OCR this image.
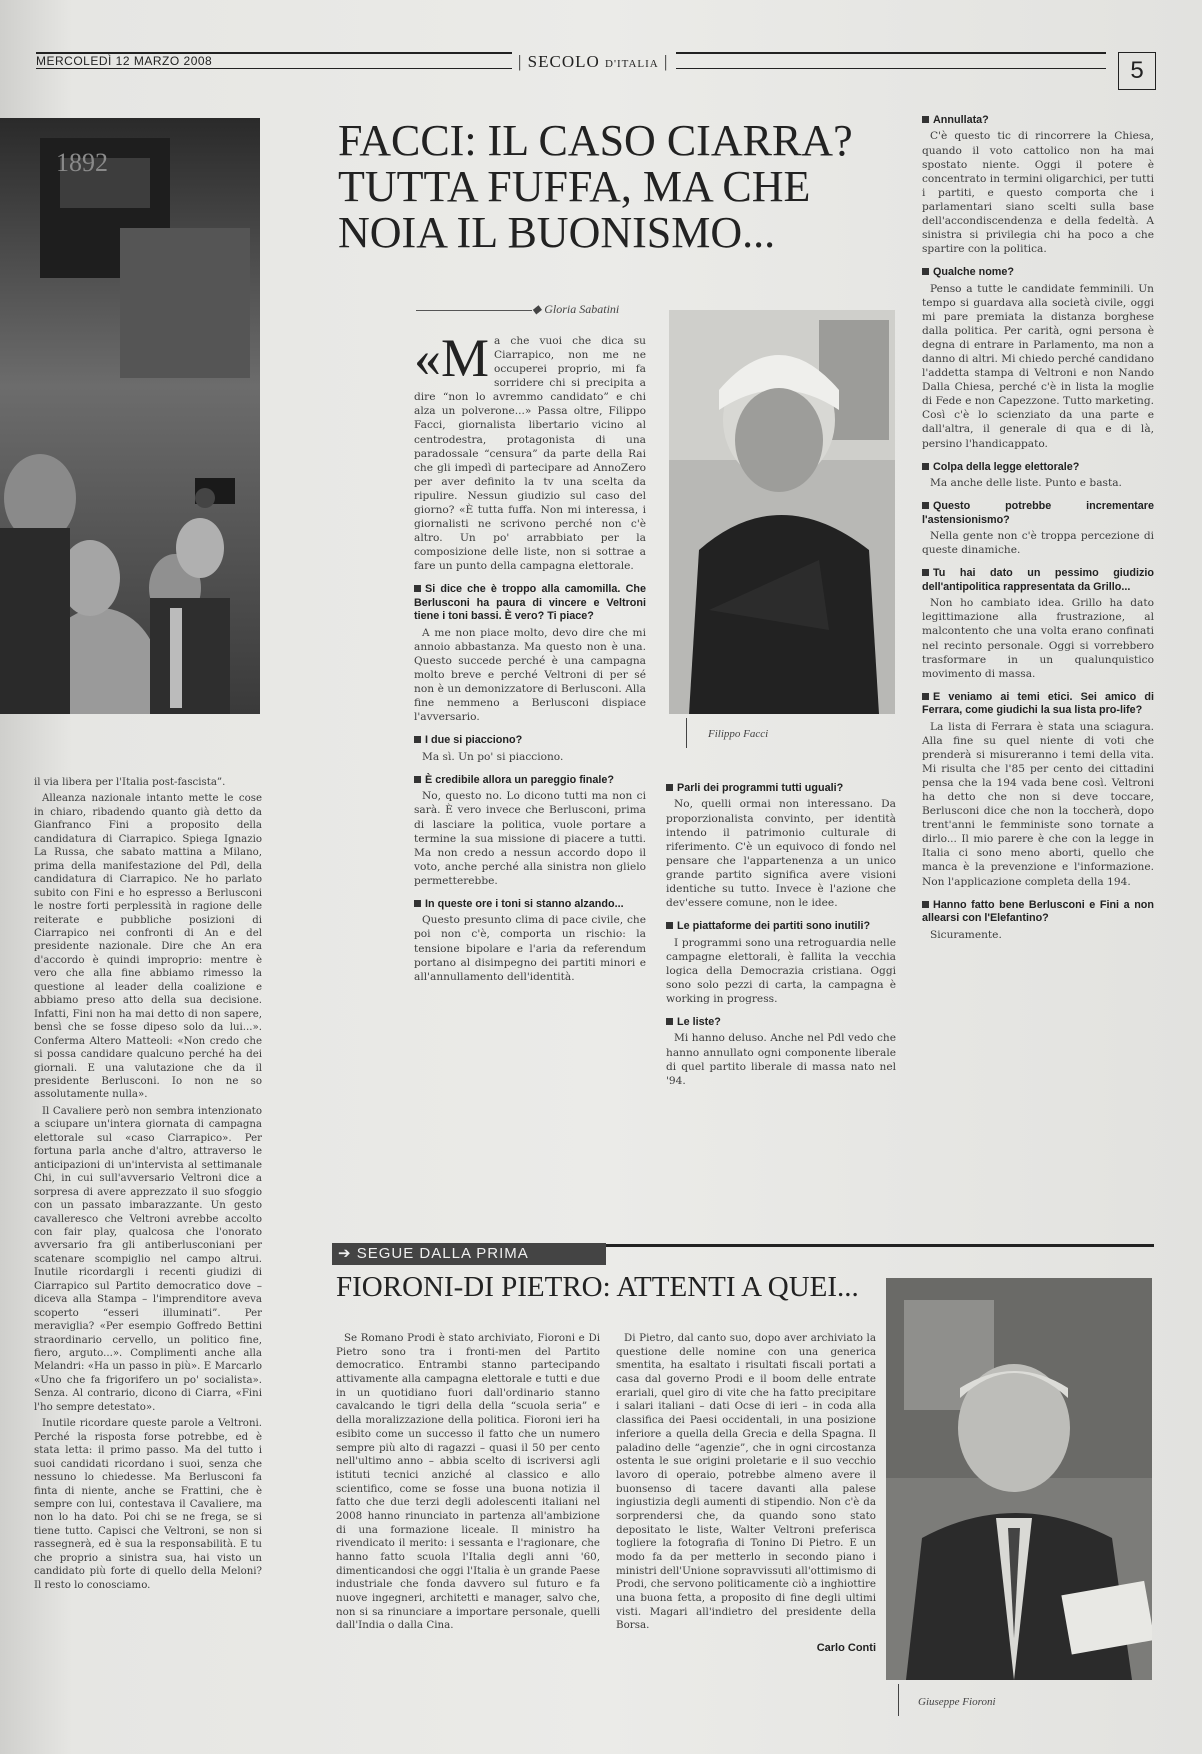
MERCOLEDÌ 12 MARZO 2008	| SECOLO D'ITALIA |	5
1892	FACCI: IL CASO CIARRA?
TUTTA FUFFA, MA CHE
NOIA IL BUONISMO...
◆ Gloria Sabatini

«Ma che vuoi che dica su Ciarrapico, non me ne occuperei proprio, mi fa sorridere chi si precipita a dire “non lo avremmo candidato” e chi alza un polverone...» Passa oltre, Filippo Facci, giornalista libertario vicino al centrodestra, protagonista di una paradossale “censura” da parte della Rai che gli impedì di partecipare ad AnnoZero per aver definito la tv una scelta da ripulire. Nessun giudizio sul caso del giorno? «È tutta fuffa. Non mi interessa, i giornalisti ne scrivono perché non c'è altro. Un po' arrabbiato per la composizione delle liste, non si sottrae a fare un punto della campagna elettorale.

Si dice che è troppo alla camomilla. Che Berlusconi ha paura di vincere e Veltroni tiene i toni bassi. È vero? Ti piace?

A me non piace molto, devo dire che mi annoio abbastanza. Ma questo non è una. Questo succede perché è una campagna molto breve e perché Veltroni di per sé non è un demonizzatore di Berlusconi. Alla fine nemmeno a Berlusconi dispiace l'avversario.

I due si piacciono?

Ma sì. Un po' si piacciono.

È credibile allora un pareggio finale?

No, questo no. Lo dicono tutti ma non ci sarà. È vero invece che Berlusconi, prima di lasciare la politica, vuole portare a termine la sua missione di piacere a tutti. Ma non credo a nessun accordo dopo il voto, anche perché alla sinistra non glielo permetterebbe.

In queste ore i toni si stanno alzando...

Questo presunto clima di pace civile, che poi non c'è, comporta un rischio: la tensione bipolare e l'aria da referendum portano al disimpegno dei partiti minori e all'annullamento dell'identità.

Filippo Facci
Parli dei programmi tutti uguali?

No, quelli ormai non interessano. Da proporzionalista convinto, per identità intendo il patrimonio culturale di riferimento. C'è un equivoco di fondo nel pensare che l'appartenenza a un unico grande partito significa avere visioni identiche su tutto. Invece è l'azione che dev'essere comune, non le idee.

Le piattaforme dei partiti sono inutili?

I programmi sono una retroguardia nelle campagne elettorali, è fallita la vecchia logica della Democrazia cristiana. Oggi sono solo pezzi di carta, la campagna è working in progress.

Le liste?

Mi hanno deluso. Anche nel Pdl vedo che hanno annullato ogni componente liberale di quel partito liberale di massa nato nel '94.

Annullata?

C'è questo tic di rincorrere la Chiesa, quando il voto cattolico non ha mai spostato niente. Oggi il potere è concentrato in termini oligarchici, per tutti i partiti, e questo comporta che i parlamentari siano scelti sulla base dell'accondiscendenza e della fedeltà. A sinistra si privilegia chi ha poco a che spartire con la politica.

Qualche nome?

Penso a tutte le candidate femminili. Un tempo si guardava alla società civile, oggi mi pare premiata la distanza borghese dalla politica. Per carità, ogni persona è degna di entrare in Parlamento, ma non a danno di altri. Mi chiedo perché candidano l'addetta stampa di Veltroni e non Nando Dalla Chiesa, perché c'è in lista la moglie di Fede e non Capezzone. Tutto marketing. Così c'è lo scienziato da una parte e dall'altra, il generale di qua e di là, persino l'handicappato.

Colpa della legge elettorale?

Ma anche delle liste. Punto e basta.

Questo potrebbe incrementare l'astensionismo?

Nella gente non c'è troppa percezione di queste dinamiche.

Tu hai dato un pessimo giudizio dell'antipolitica rappresentata da Grillo...

Non ho cambiato idea. Grillo ha dato legittimazione alla frustrazione, al malcontento che una volta erano confinati nel recinto personale. Oggi si vorrebbero trasformare in un qualunquistico movimento di massa.

E veniamo ai temi etici. Sei amico di Ferrara, come giudichi la sua lista pro-life?

La lista di Ferrara è stata una sciagura. Alla fine su quel niente di voti che prenderà si misureranno i temi della vita. Mi risulta che l'85 per cento dei cittadini pensa che la 194 vada bene così. Veltroni ha detto che non si deve toccare, Berlusconi dice che non la toccherà, dopo trent'anni le femministe sono tornate a dirlo... Il mio parere è che con la legge in Italia ci sono meno aborti, quello che manca è la prevenzione e l'informazione. Non l'applicazione completa della 194.

Hanno fatto bene Berlusconi e Fini a non allearsi con l'Elefantino?

Sicuramente.

il via libera per l'Italia post-fascista”.

Alleanza nazionale intanto mette le cose in chiaro, ribadendo quanto già detto da Gianfranco Fini a proposito della candidatura di Ciarrapico. Spiega Ignazio La Russa, che sabato mattina a Milano, prima della manifestazione del Pdl, della candidatura di Ciarrapico. Ne ho parlato subito con Fini e ho espresso a Berlusconi le nostre forti perplessità in ragione delle reiterate e pubbliche posizioni di Ciarrapico nei confronti di An e del presidente nazionale. Dire che An era d'accordo è quindi improprio: mentre è vero che alla fine abbiamo rimesso la questione al leader della coalizione e abbiamo preso atto della sua decisione. Infatti, Fini non ha mai detto di non sapere, bensì che se fosse dipeso solo da lui...». Conferma Altero Matteoli: «Non credo che si possa candidare qualcuno perché ha dei giornali. E una valutazione che da il presidente Berlusconi. Io non ne so assolutamente nulla».

Il Cavaliere però non sembra intenzionato a sciupare un'intera giornata di campagna elettorale sul «caso Ciarrapico». Per fortuna parla anche d'altro, attraverso le anticipazioni di un'intervista al settimanale Chi, in cui sull'avversario Veltroni dice a sorpresa di avere apprezzato il suo sfoggio con un passato imbarazzante. Un gesto cavalleresco che Veltroni avrebbe accolto con fair play, qualcosa che l'onorato avversario fra gli antiberlusconiani per scatenare scompiglio nel campo altrui. Inutile ricordargli i recenti giudizi di Ciarrapico sul Partito democratico dove – diceva alla Stampa – l'imprenditore aveva scoperto “esseri illuminati”. Per meraviglia? «Per esempio Goffredo Bettini straordinario cervello, un politico fine, fiero, arguto...». Complimenti anche alla Melandri: «Ha un passo in più». E Marcarlo «Uno che fa frigorifero un po' socialista». Senza. Al contrario, dicono di Ciarra, «Fini l'ho sempre detestato».

Inutile ricordare queste parole a Veltroni. Perché la risposta forse potrebbe, ed è stata letta: il primo passo. Ma del tutto i suoi candidati ricordano i suoi, senza che nessuno lo chiedesse. Ma Berlusconi fa finta di niente, anche se Frattini, che è sempre con lui, contestava il Cavaliere, ma non lo ha dato. Poi chi se ne frega, se si tiene tutto. Capisci che Veltroni, se non si rassegnerà, ed è sua la responsabilità. E tu che proprio a sinistra sua, hai visto un candidato più forte di quello della Meloni? Il resto lo conosciamo.

➔ SEGUE DALLA PRIMA
FIORONI-DI PIETRO: ATTENTI A QUEI...

Se Romano Prodi è stato archiviato, Fioroni e Di Pietro sono tra i fronti-men del Partito democratico. Entrambi stanno partecipando attivamente alla campagna elettorale e tutti e due in un quotidiano fuori dall'ordinario stanno cavalcando le tigri della della “scuola seria” e della moralizzazione della politica. Fioroni ieri ha esibito come un successo il fatto che un numero sempre più alto di ragazzi – quasi il 50 per cento nell'ultimo anno – abbia scelto di iscriversi agli istituti tecnici anziché al classico e allo scientifico, come se fosse una buona notizia il fatto che due terzi degli adolescenti italiani nel 2008 hanno rinunciato in partenza all'ambizione di una formazione liceale. Il ministro ha rivendicato il merito: i sessanta e l'ragionare, che hanno fatto scuola l'Italia degli anni '60, dimenticandosi che oggi l'Italia è un grande Paese industriale che fonda davvero sul futuro e fa nuove ingegneri, architetti e manager, salvo che, non si sa rinunciare a importare personale, quelli dall'India o dalla Cina.

Di Pietro, dal canto suo, dopo aver archiviato la questione delle nomine con una generica smentita, ha esaltato i risultati fiscali portati a casa dal governo Prodi e il boom delle entrate erariali, quel giro di vite che ha fatto precipitare i salari italiani – dati Ocse di ieri – in coda alla classifica dei Paesi occidentali, in una posizione inferiore a quella della Grecia e della Spagna. Il paladino delle “agenzie”, che in ogni circostanza ostenta le sue origini proletarie e il suo vecchio lavoro di operaio, potrebbe almeno avere il buonsenso di tacere davanti alla palese ingiustizia degli aumenti di stipendio. Non c'è da sorprendersi che, da quando sono stato depositato le liste, Walter Veltroni preferisca togliere la fotografia di Tonino Di Pietro. E un modo fa da per metterlo in secondo piano i ministri dell'Unione sopravvissuti all'ottimismo di Prodi, che servono politicamente ciò a inghiottire una buona fetta, a proposito di fine degli ultimi visti. Magari all'indietro del presidente della Borsa.

Carlo Conti
Giuseppe Fioroni
